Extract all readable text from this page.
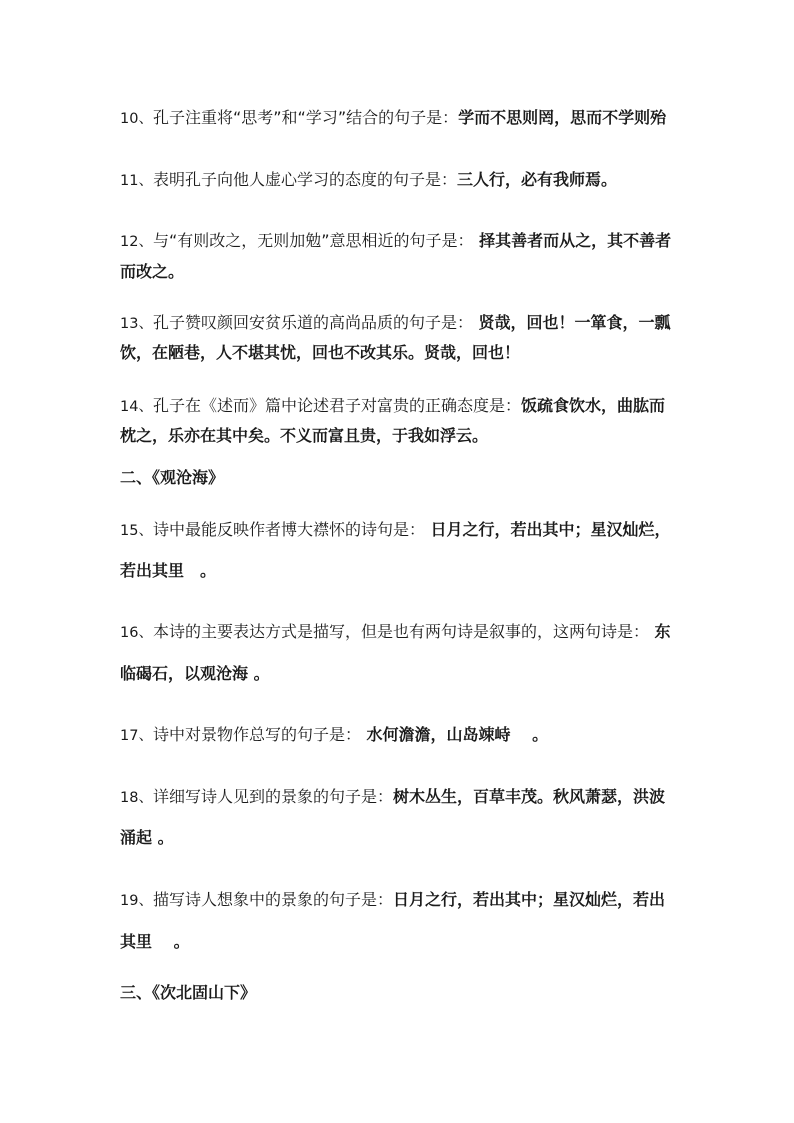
10、孔子注重将“思考”和“学习”结合的句子是：学而不思则罔，思而不学则殆
11、表明孔子向他人虚心学习的态度的句子是：三人行，必有我师焉。
12、与“有则改之，无则加勉”意思相近的句子是： 择其善者而从之，其不善者
而改之。
13、孔子赞叹颜回安贫乐道的高尚品质的句子是： 贤哉，回也！一箪食，一瓢
饮，在陋巷，人不堪其忧，回也不改其乐。贤哉，回也！
14、孔子在《述而》篇中论述君子对富贵的正确态度是：饭疏食饮水，曲肱而
枕之，乐亦在其中矣。不义而富且贵，于我如浮云。
二、《观沧海》
15、诗中最能反映作者博大襟怀的诗句是： 日月之行，若出其中；星汉灿烂，
若出其里　。
16、本诗的主要表达方式是描写，但是也有两句诗是叙事的，这两句诗是： 东
临碣石，以观沧海 。
17、诗中对景物作总写的句子是： 水何澹澹，山岛竦峙　 。
18、详细写诗人见到的景象的句子是：树木丛生，百草丰茂。秋风萧瑟，洪波
涌起 。
19、描写诗人想象中的景象的句子是：日月之行，若出其中；星汉灿烂，若出
其里　 。
三、《次北固山下》
